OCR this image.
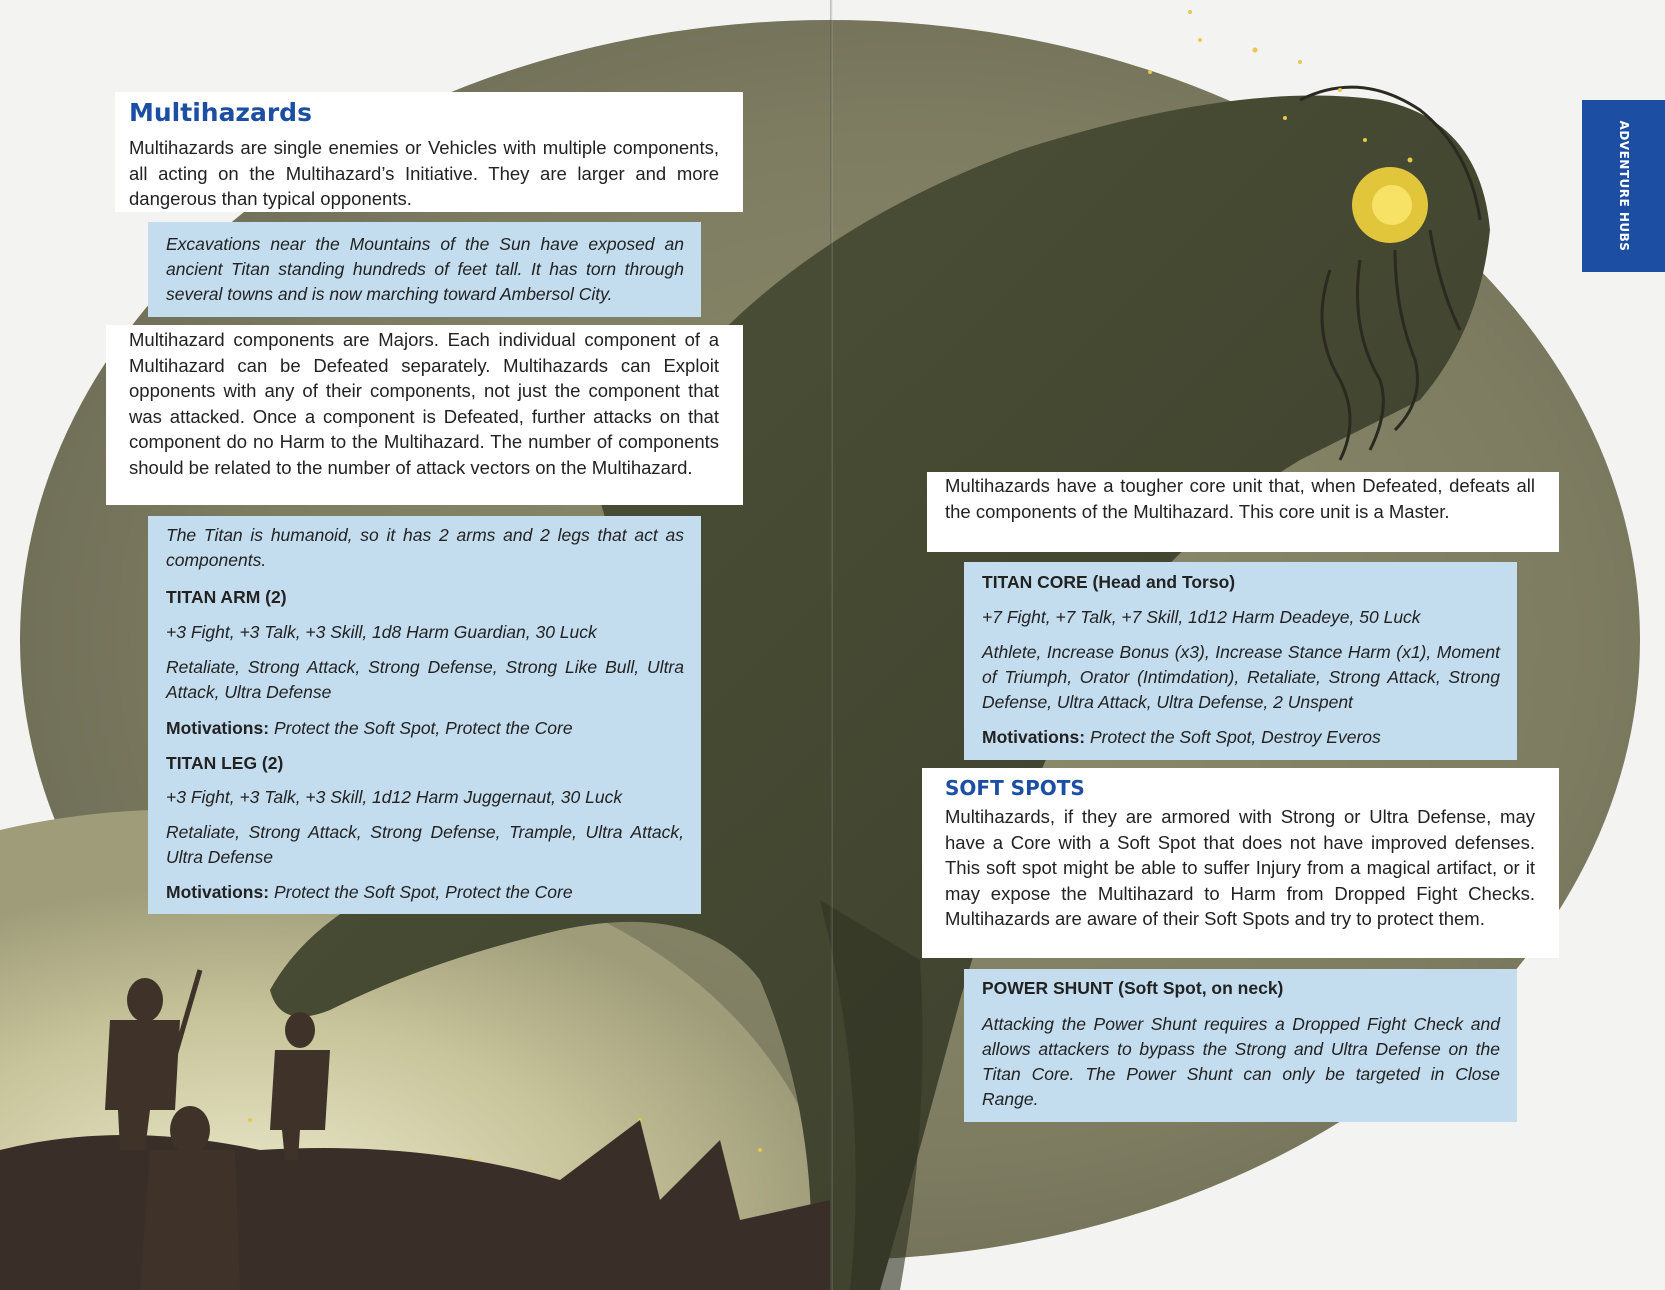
ADVENTURE HUBS
Multihazards

Multihazards are single enemies or Vehicles with multiple components, all acting on the Multihazard’s Initiative. They are larger and more dangerous than typical opponents.

Excavations near the Mountains of the Sun have exposed an ancient Titan standing hundreds of feet tall. It has torn through several towns and is now marching toward Ambersol City.

Multihazard components are Majors. Each individual component of a Multihazard can be Defeated separately. Multihazards can Exploit opponents with any of their components, not just the component that was attacked. Once a component is Defeated, further attacks on that component do no Harm to the Multihazard. The number of components should be related to the number of attack vectors on the Multihazard.

The Titan is humanoid, so it has 2 arms and 2 legs that act as components.

TITAN ARM (2)

+3 Fight, +3 Talk, +3 Skill, 1d8 Harm Guardian, 30 Luck

Retaliate, Strong Attack, Strong Defense, Strong Like Bull, Ultra Attack, Ultra Defense

Motivations: Protect the Soft Spot, Protect the Core

TITAN LEG (2)

+3 Fight, +3 Talk, +3 Skill, 1d12 Harm Juggernaut, 30 Luck

Retaliate, Strong Attack, Strong Defense, Trample, Ultra Attack, Ultra Defense

Motivations: Protect the Soft Spot, Protect the Core

Multihazards have a tougher core unit that, when Defeated, defeats all the components of the Multihazard. This core unit is a Master.

TITAN CORE (Head and Torso)

+7 Fight, +7 Talk, +7 Skill, 1d12 Harm Deadeye, 50 Luck

Athlete, Increase Bonus (x3), Increase Stance Harm (x1), Moment of Triumph, Orator (Intimdation), Retaliate, Strong Attack, Strong Defense, Ultra Attack, Ultra Defense, 2 Unspent

Motivations: Protect the Soft Spot, Destroy Everos

SOFT SPOTS

Multihazards, if they are armored with Strong or Ultra Defense, may have a Core with a Soft Spot that does not have improved defenses. This soft spot might be able to suffer Injury from a magical artifact, or it may expose the Multihazard to Harm from Dropped Fight Checks. Multihazards are aware of their Soft Spots and try to protect them.

POWER SHUNT (Soft Spot, on neck)

Attacking the Power Shunt requires a Dropped Fight Check and allows attackers to bypass the Strong and Ultra Defense on the Titan Core. The Power Shunt can only be targeted in Close Range.
